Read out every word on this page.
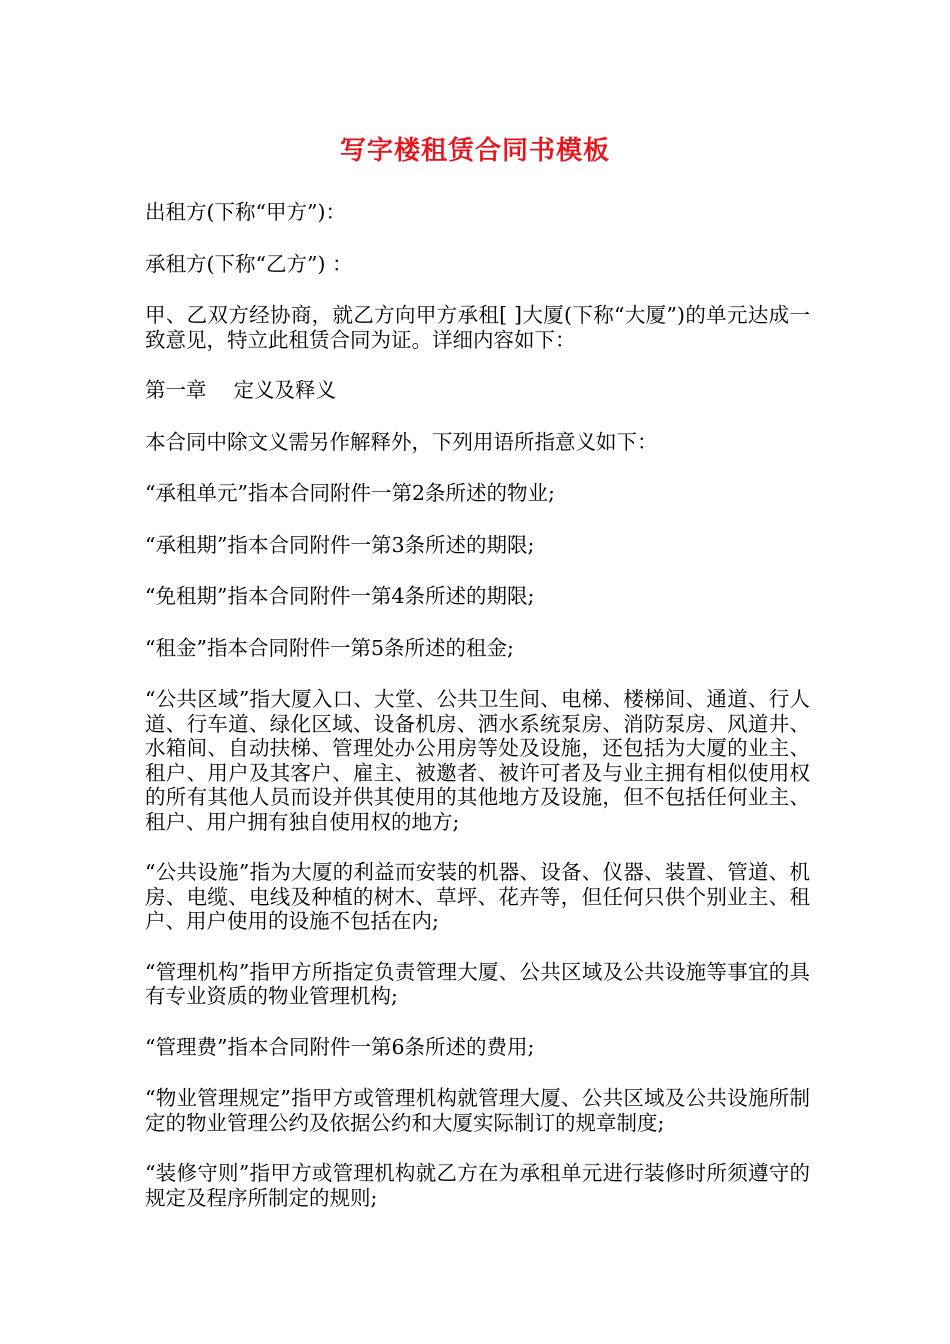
写字楼租赁合同书模板

出租方(下称“甲方”)：

承租方(下称“乙方”) ：

甲、乙双方经协商，就乙方向甲方承租[ ]大厦(下称“大厦”)的单元达成一致意见，特立此租赁合同为证。详细内容如下：

第一章　 定义及释义

本合同中除文义需另作解释外，下列用语所指意义如下：

“承租单元”指本合同附件一第2条所述的物业;

“承租期”指本合同附件一第3条所述的期限;

“免租期”指本合同附件一第4条所述的期限;

“租金”指本合同附件一第5条所述的租金;

“公共区域”指大厦入口、大堂、公共卫生间、电梯、楼梯间、通道、行人道、行车道、绿化区域、设备机房、洒水系统泵房、消防泵房、风道井、水箱间、自动扶梯、管理处办公用房等处及设施，还包括为大厦的业主、租户、用户及其客户、雇主、被邀者、被许可者及与业主拥有相似使用权的所有其他人员而设并供其使用的其他地方及设施，但不包括任何业主、租户、用户拥有独自使用权的地方;

“公共设施”指为大厦的利益而安装的机器、设备、仪器、装置、管道、机房、电缆、电线及种植的树木、草坪、花卉等，但任何只供个别业主、租户、用户使用的设施不包括在内;

“管理机构”指甲方所指定负责管理大厦、公共区域及公共设施等事宜的具有专业资质的物业管理机构;

“管理费”指本合同附件一第6条所述的费用;

“物业管理规定”指甲方或管理机构就管理大厦、公共区域及公共设施所制定的物业管理公约及依据公约和大厦实际制订的规章制度;

“装修守则”指甲方或管理机构就乙方在为承租单元进行装修时所须遵守的规定及程序所制定的规则;
